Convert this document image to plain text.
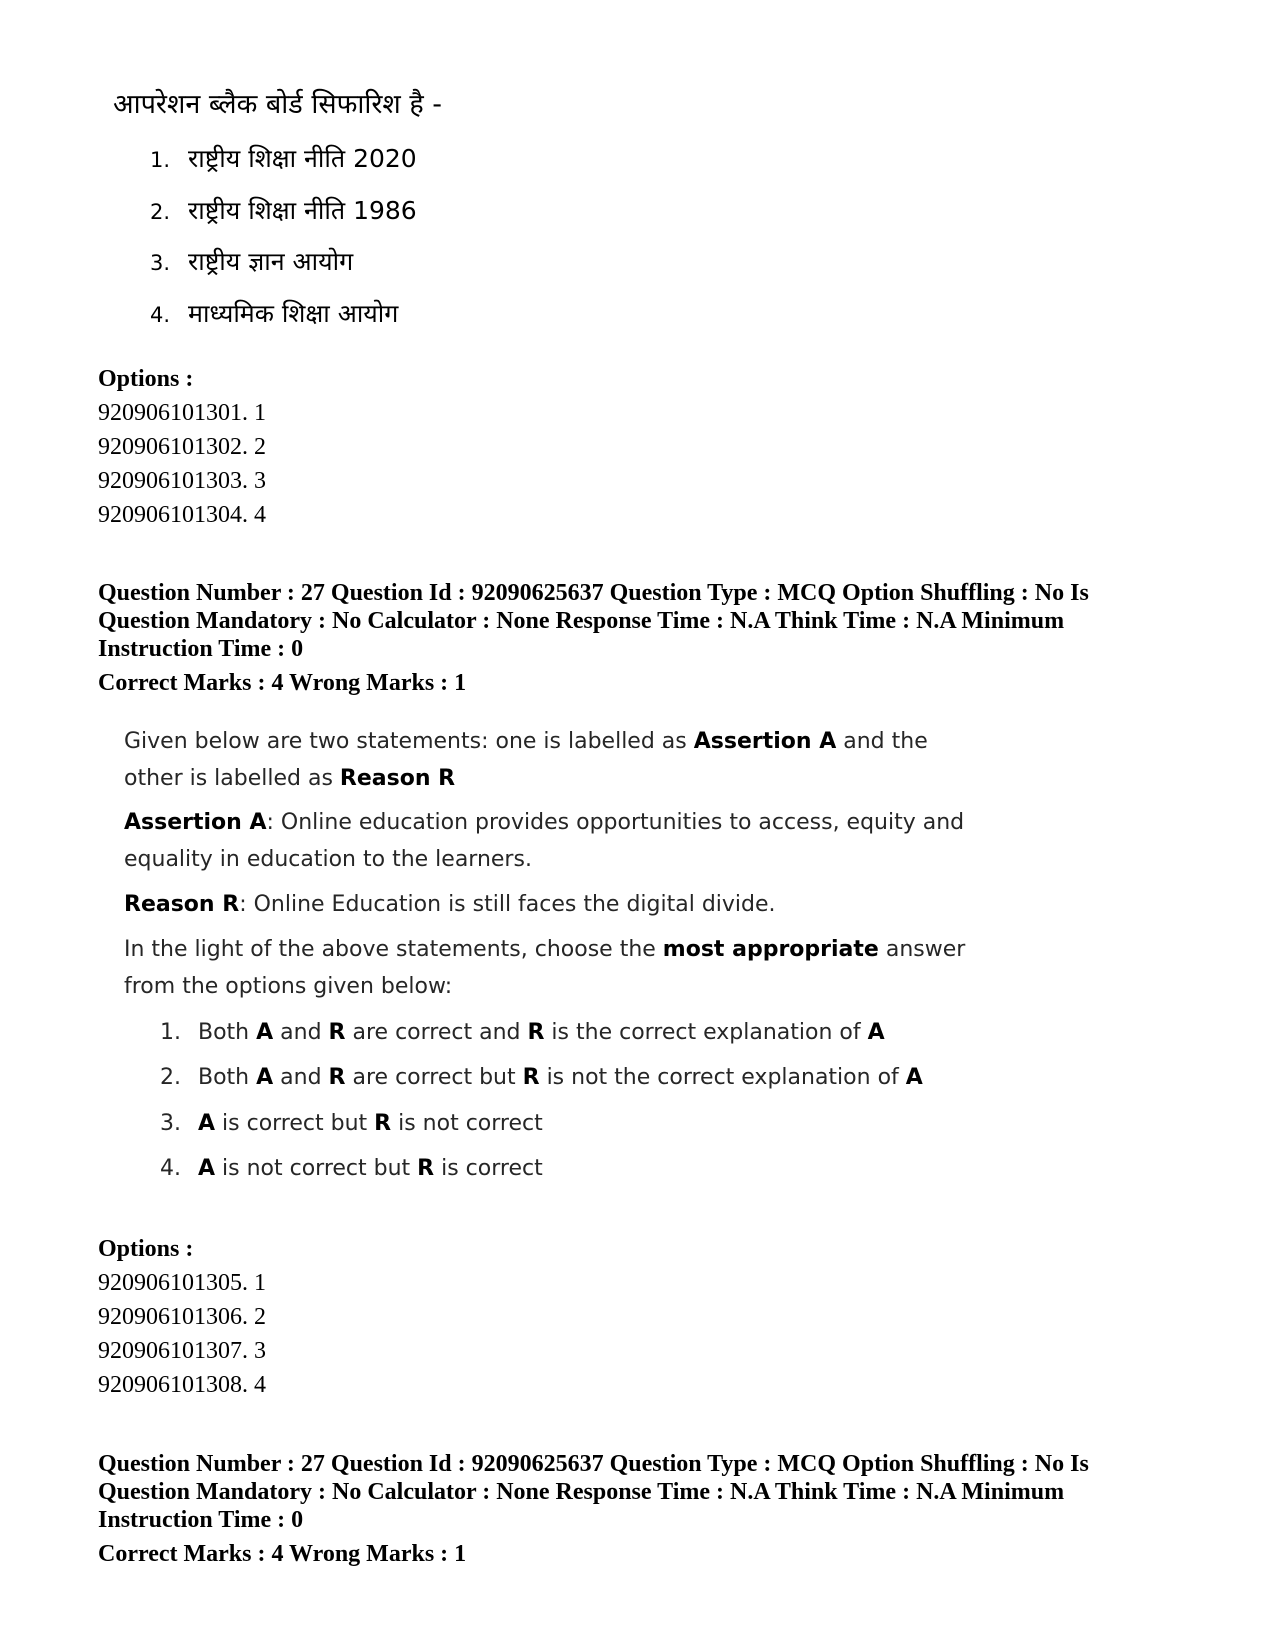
आपरेशन ब्लैक बोर्ड सिफारिश है -
1. राष्ट्रीय शिक्षा नीति 2020
2. राष्ट्रीय शिक्षा नीति 1986
3. राष्ट्रीय ज्ञान आयोग
4. माध्यमिक शिक्षा आयोग
Options :
920906101301. 1
920906101302. 2
920906101303. 3
920906101304. 4
Question Number : 27 Question Id : 92090625637 Question Type : MCQ Option Shuffling : No Is
Question Mandatory : No Calculator : None Response Time : N.A Think Time : N.A Minimum
Instruction Time : 0
Correct Marks : 4 Wrong Marks : 1
Given below are two statements: one is labelled as Assertion A and the
other is labelled as Reason R
Assertion A: Online education provides opportunities to access, equity and
equality in education to the learners.
Reason R: Online Education is still faces the digital divide.
In the light of the above statements, choose the most appropriate answer
from the options given below:
1. Both A and R are correct and R is the correct explanation of A
2. Both A and R are correct but R is not the correct explanation of A
3. A is correct but R is not correct
4. A is not correct but R is correct
Options :
920906101305. 1
920906101306. 2
920906101307. 3
920906101308. 4
Question Number : 27 Question Id : 92090625637 Question Type : MCQ Option Shuffling : No Is
Question Mandatory : No Calculator : None Response Time : N.A Think Time : N.A Minimum
Instruction Time : 0
Correct Marks : 4 Wrong Marks : 1
